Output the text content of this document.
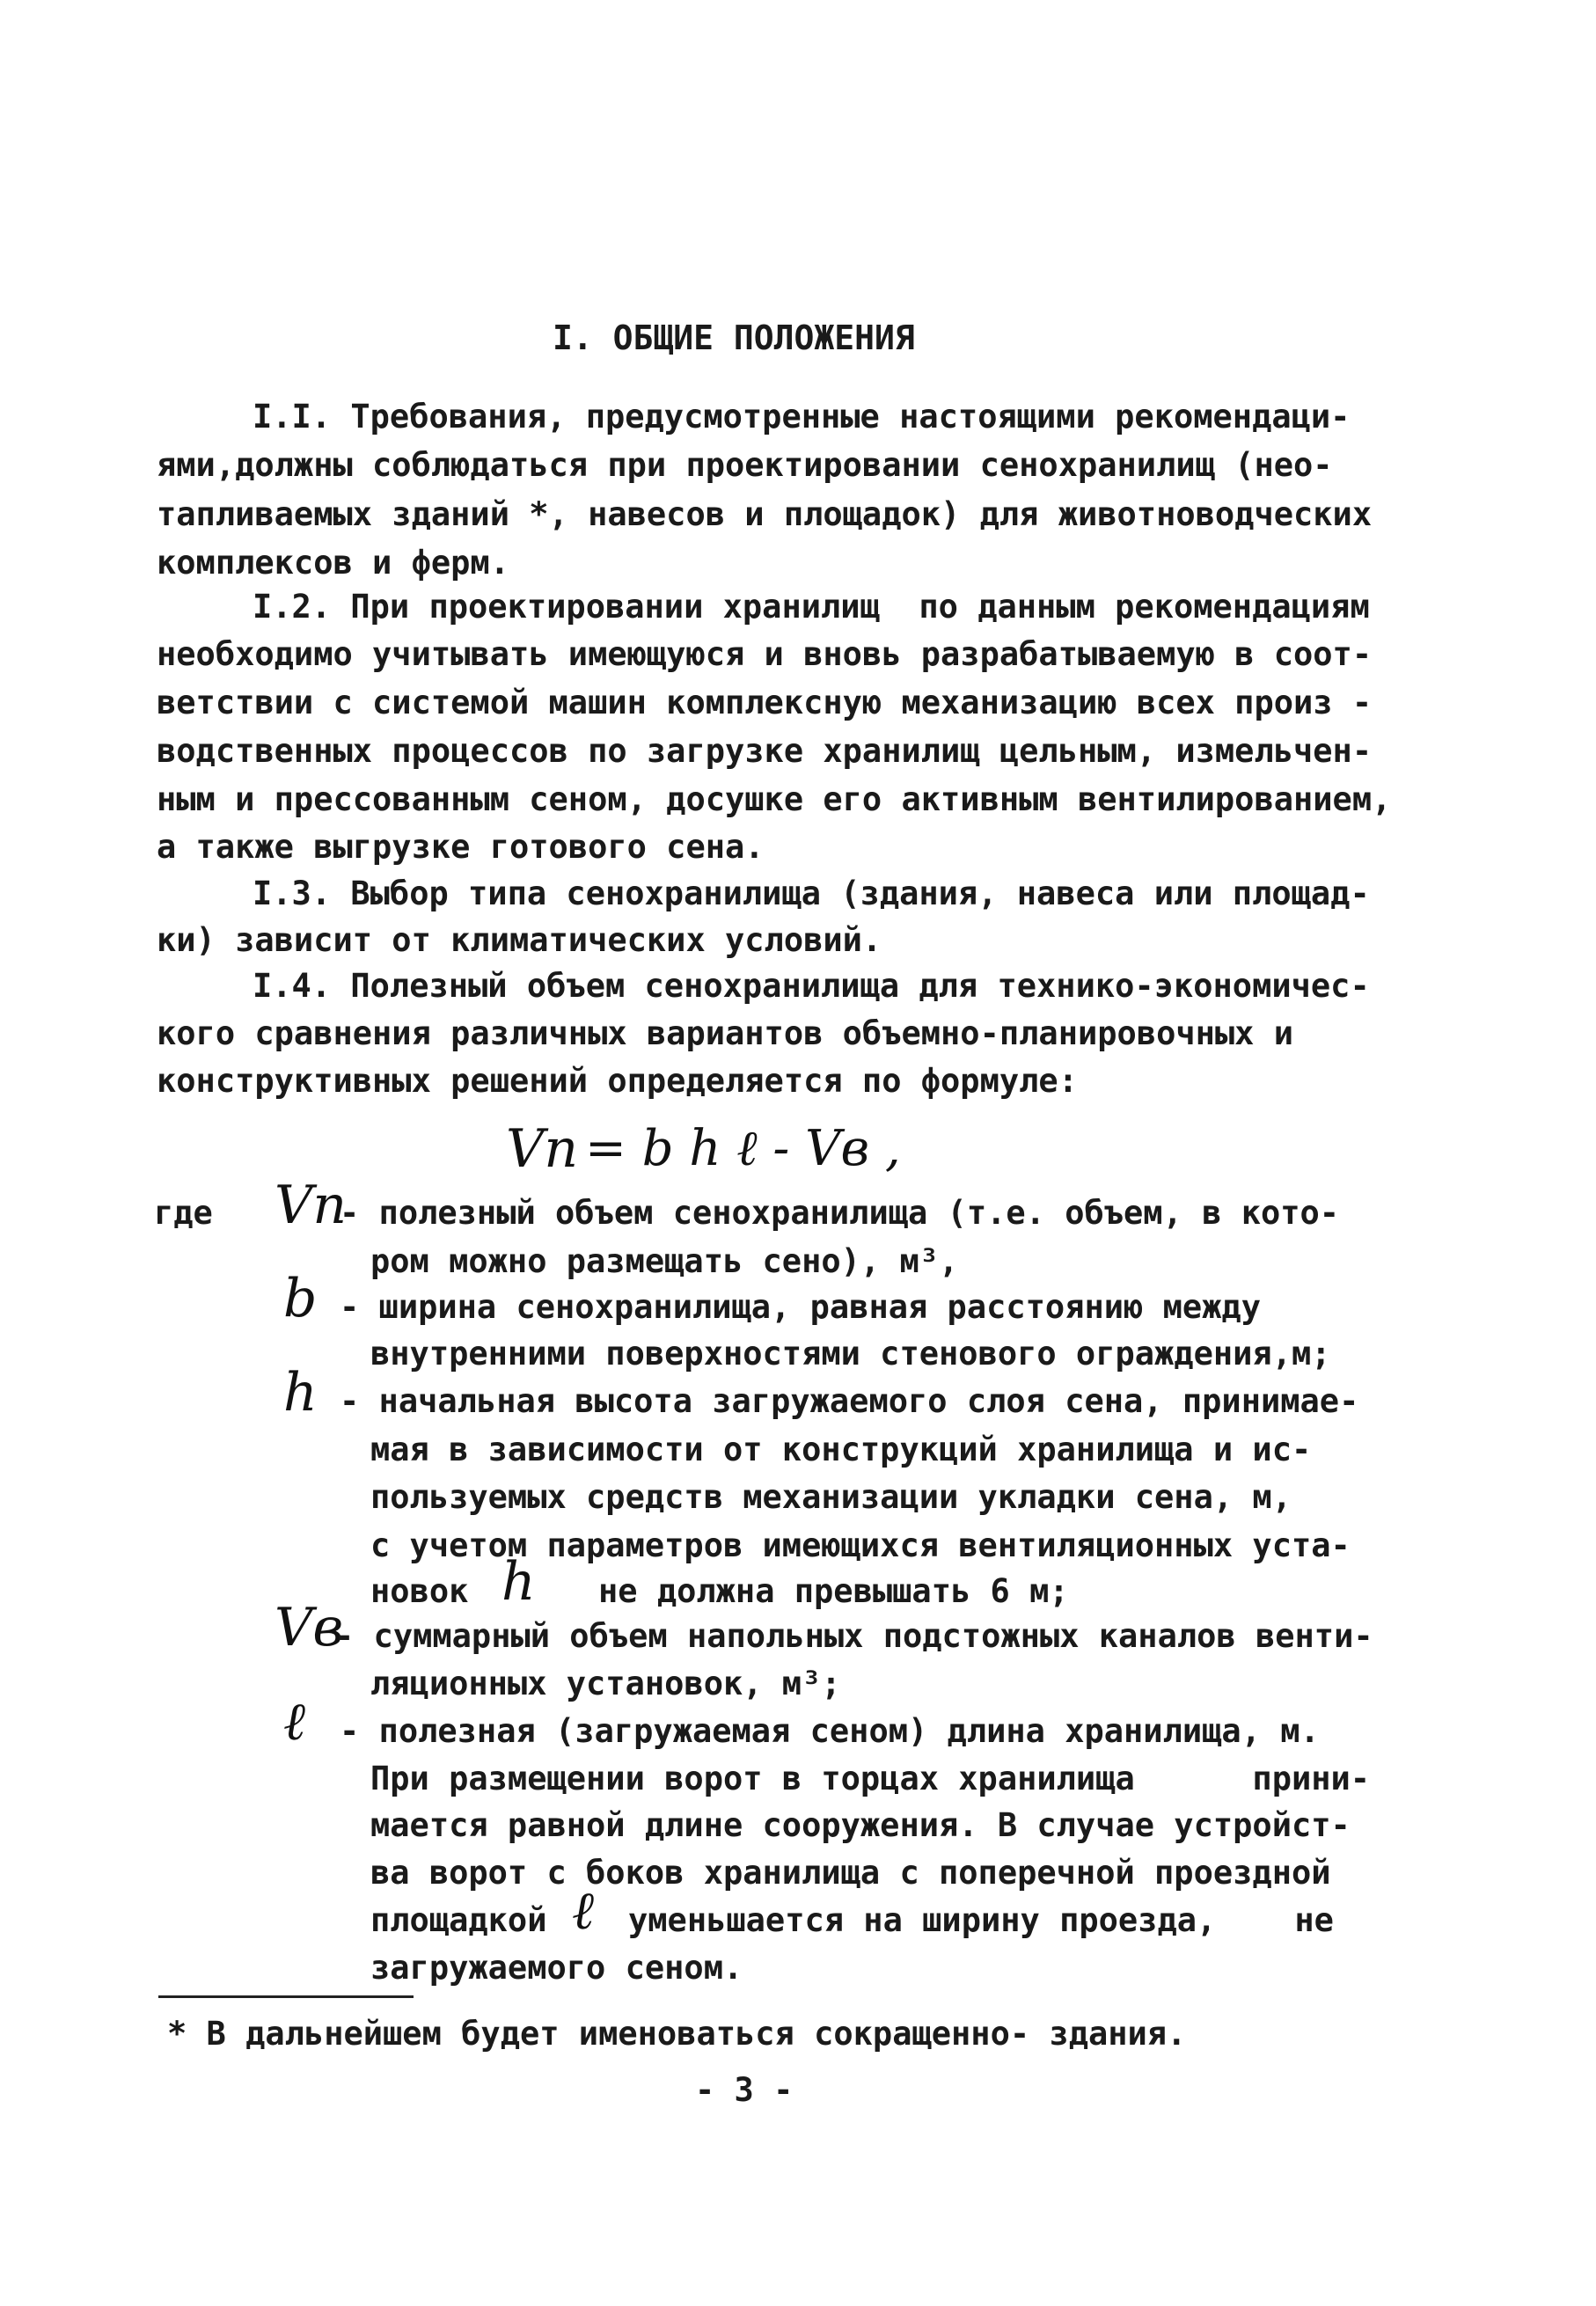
I. ОБЩИЕ ПОЛОЖЕНИЯ
I.I. Требования, предусмотренные настоящими рекомендаци-
ями,должны соблюдаться при проектировании сенохранилищ (нео-
тапливаемых зданий *, навесов и площадок) для животноводческих
комплексов и ферм.
I.2. При проектировании хранилищ  по данным рекомендациям
необходимо учитывать имеющуюся и вновь разрабатываемую в соот-
ветствии с системой машин комплексную механизацию всех произ -
водственных процессов по загрузке хранилищ цельным, измельчен-
ным и прессованным сеном, досушке его активным вентилированием,
а также выгрузке готового сена.
I.3. Выбор типа сенохранилища (здания, навеса или площад-
ки) зависит от климатических условий.
I.4. Полезный объем сенохранилища для технико-экономичес-
кого сравнения различных вариантов объемно-планировочных и
конструктивных решений определяется по формуле:
Vп = b h ℓ - Vв ,
где Vп
- полезный объем сенохранилища (т.е. объем, в кото-
ром можно размещать сено), м³,
b - ширина сенохранилища, равная расстоянию между
внутренними поверхностями стенового ограждения,м;
h - начальная высота загружаемого слоя сена, принимае-
мая в зависимости от конструкций хранилища и ис-
пользуемых средств механизации укладки сена, м,
с учетом параметров имеющихся вентиляционных уста-
новок h не должна превышать 6 м;
Vв
- суммарный объем напольных подстожных каналов венти-
ляционных установок, м³;
ℓ - полезная (загружаемая сеном) длина хранилища, м.
При размещении ворот в торцах хранилища      прини-
мается равной длине сооружения. В случае устройст-
ва ворот с боков хранилища с поперечной проездной
площадкой ℓ уменьшается на ширину проезда,    не
загружаемого сеном.
* В дальнейшем будет именоваться сокращенно- здания.
- 3 -
